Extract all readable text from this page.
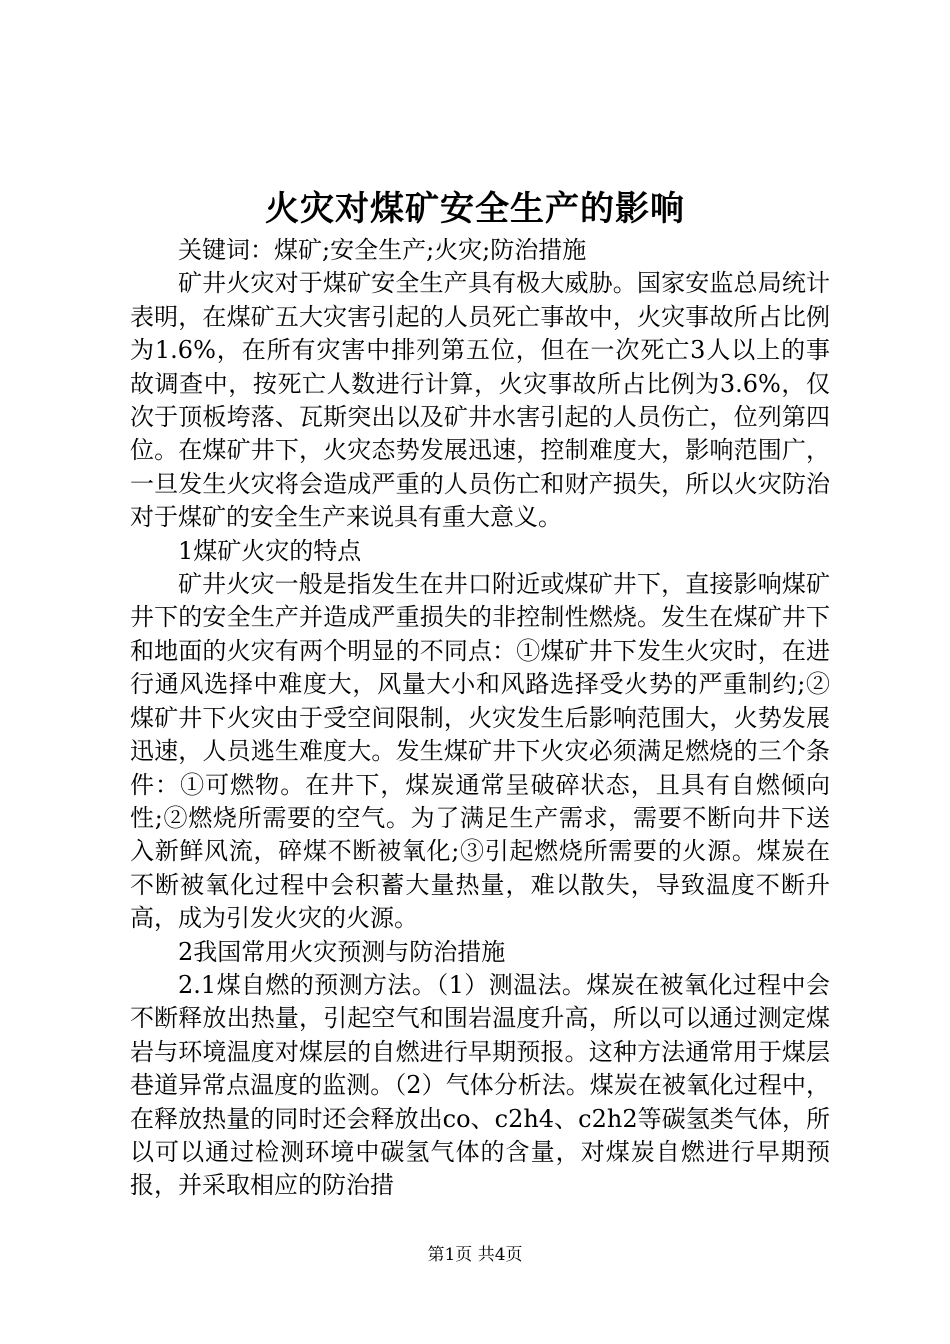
火灾对煤矿安全生产的影响

关键词：煤矿;安全生产;火灾;防治措施

矿井火灾对于煤矿安全生产具有极大威胁。国家安监总局统计表明，在煤矿五大灾害引起的人员死亡事故中，火灾事故所占比例为1.6%，在所有灾害中排列第五位，但在一次死亡3人以上的事故调查中，按死亡人数进行计算，火灾事故所占比例为3.6%，仅次于顶板垮落、瓦斯突出以及矿井水害引起的人员伤亡，位列第四位。在煤矿井下，火灾态势发展迅速，控制难度大，影响范围广，一旦发生火灾将会造成严重的人员伤亡和财产损失，所以火灾防治对于煤矿的安全生产来说具有重大意义。

1煤矿火灾的特点

矿井火灾一般是指发生在井口附近或煤矿井下，直接影响煤矿井下的安全生产并造成严重损失的非控制性燃烧。发生在煤矿井下和地面的火灾有两个明显的不同点：①煤矿井下发生火灾时，在进行通风选择中难度大，风量大小和风路选择受火势的严重制约;②煤矿井下火灾由于受空间限制，火灾发生后影响范围大，火势发展迅速，人员逃生难度大。发生煤矿井下火灾必须满足燃烧的三个条件：①可燃物。在井下，煤炭通常呈破碎状态，且具有自燃倾向性;②燃烧所需要的空气。为了满足生产需求，需要不断向井下送入新鲜风流，碎煤不断被氧化;③引起燃烧所需要的火源。煤炭在不断被氧化过程中会积蓄大量热量，难以散失，导致温度不断升高，成为引发火灾的火源。

2我国常用火灾预测与防治措施

2.1煤自燃的预测方法。（1）测温法。煤炭在被氧化过程中会不断释放出热量，引起空气和围岩温度升高，所以可以通过测定煤岩与环境温度对煤层的自燃进行早期预报。这种方法通常用于煤层巷道异常点温度的监测。（2）气体分析法。煤炭在被氧化过程中，在释放热量的同时还会释放出co、c2h4、c2h2等碳氢类气体，所以可以通过检测环境中碳氢气体的含量，对煤炭自燃进行早期预报，并采取相应的防治措

第1页 共4页
